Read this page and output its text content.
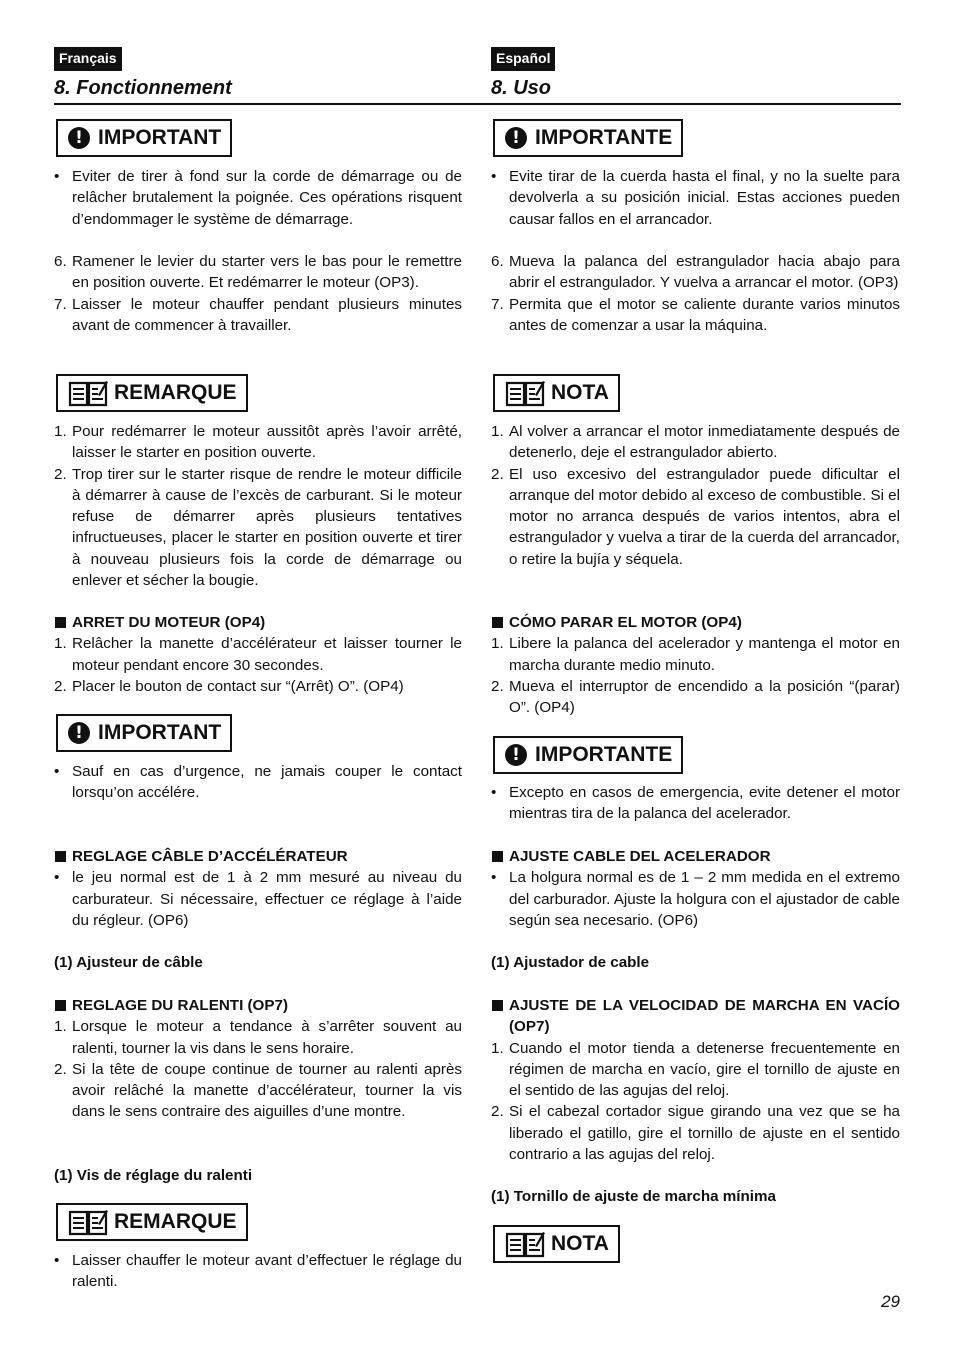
Français
8. Fonctionnement
! IMPORTANT
• Eviter de tirer à fond sur la corde de démarrage ou de relâcher brutalement la poignée. Ces opérations risquent d’endommager le système de démarrage.
6. Ramener le levier du starter vers le bas pour le remettre en position ouverte. Et redémarrer le moteur (OP3).
7. Laisser le moteur chauffer pendant plusieurs minutes avant de commencer à travailler.
REMARQUE
1. Pour redémarrer le moteur aussitôt après l’avoir arrêté, laisser le starter en position ouverte.
2. Trop tirer sur le starter risque de rendre le moteur difficile à démarrer à cause de l’excès de carburant. Si le moteur refuse de démarrer après plusieurs tentatives infructueuses, placer le starter en position ouverte et tirer à nouveau plusieurs fois la corde de démarrage ou enlever et sécher la bougie.
ARRET DU MOTEUR (OP4)
1. Relâcher la manette d’accélérateur et laisser tourner le moteur pendant encore 30 secondes.
2. Placer le bouton de contact sur “(Arrêt) O”. (OP4)
! IMPORTANT
• Sauf en cas d’urgence, ne jamais couper le contact lorsqu’on accélére.
REGLAGE CÂBLE D’ACCÉLÉRATEUR
• le jeu normal est de 1 à 2 mm mesuré au niveau du carburateur. Si nécessaire, effectuer ce réglage à l’aide du régleur. (OP6)
(1) Ajusteur de câble
REGLAGE DU RALENTI (OP7)
1. Lorsque le moteur a tendance à s’arrêter souvent au ralenti, tourner la vis dans le sens horaire.
2. Si la tête de coupe continue de tourner au ralenti après avoir relâché la manette d’accélérateur, tourner la vis dans le sens contraire des aiguilles d’une montre.
(1) Vis de réglage du ralenti
REMARQUE
• Laisser chauffer le moteur avant d’effectuer le réglage du ralenti.
Español
8. Uso
! IMPORTANTE
• Evite tirar de la cuerda hasta el final, y no la suelte para devolverla a su posición inicial. Estas acciones pueden causar fallos en el arrancador.
6. Mueva la palanca del estrangulador hacia abajo para abrir el estrangulador. Y vuelva a arrancar el motor. (OP3)
7. Permita que el motor se caliente durante varios minutos antes de comenzar a usar la máquina.
NOTA
1. Al volver a arrancar el motor inmediatamente después de detenerlo, deje el estrangulador abierto.
2. El uso excesivo del estrangulador puede dificultar el arranque del motor debido al exceso de combustible. Si el motor no arranca después de varios intentos, abra el estrangulador y vuelva a tirar de la cuerda del arrancador, o retire la bujía y séquela.
CÓMO PARAR EL MOTOR (OP4)
1. Libere la palanca del acelerador y mantenga el motor en marcha durante medio minuto.
2. Mueva el interruptor de encendido a la posición “(parar) O”. (OP4)
! IMPORTANTE
• Excepto en casos de emergencia, evite detener el motor mientras tira de la palanca del acelerador.
AJUSTE CABLE DEL ACELERADOR
• La holgura normal es de 1 – 2 mm medida en el extremo del carburador. Ajuste la holgura con el ajustador de cable según sea necesario. (OP6)
(1) Ajustador de cable
AJUSTE DE LA VELOCIDAD DE MARCHA EN VACÍO (OP7)
1. Cuando el motor tienda a detenerse frecuentemente en régimen de marcha en vacío, gire el tornillo de ajuste en el sentido de las agujas del reloj.
2. Si el cabezal cortador sigue girando una vez que se ha liberado el gatillo, gire el tornillo de ajuste en el sentido contrario a las agujas del reloj.
(1) Tornillo de ajuste de marcha mínima
NOTA
29
